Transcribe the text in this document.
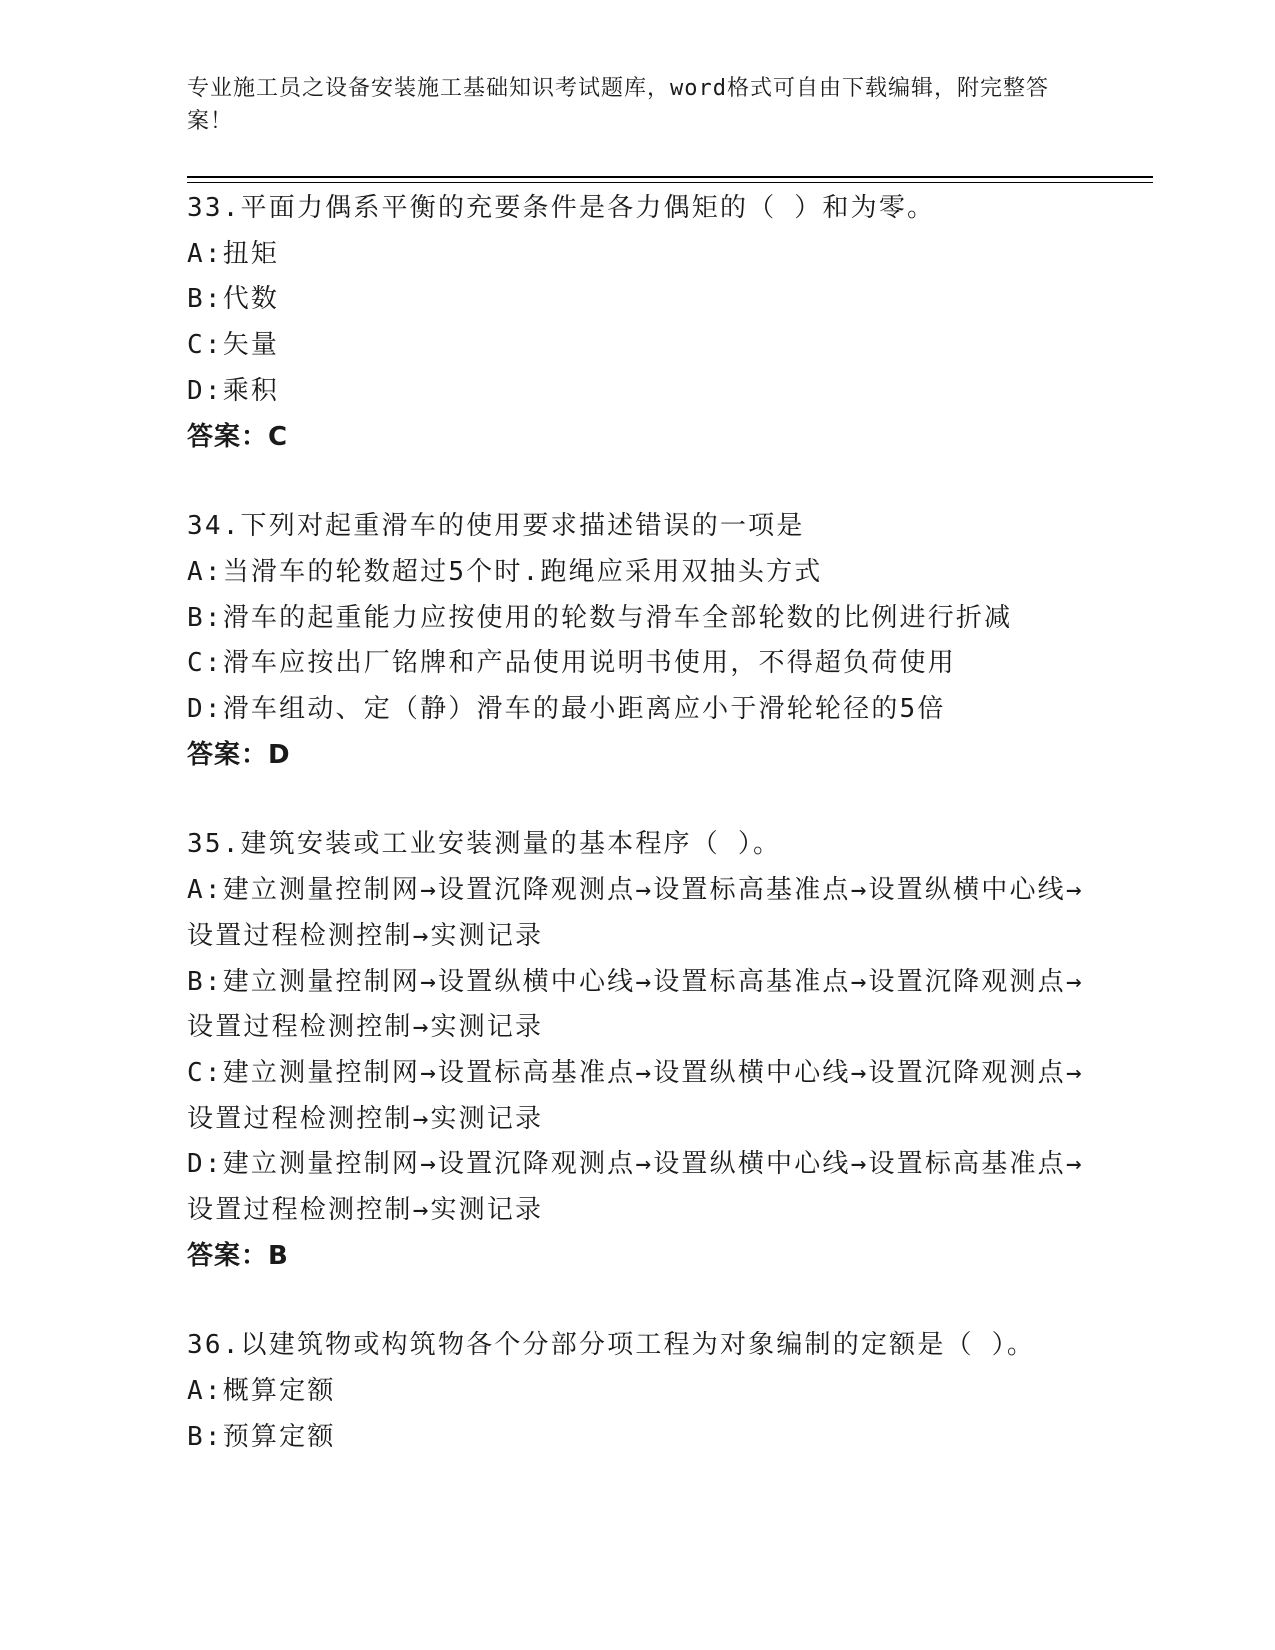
专业施工员之设备安装施工基础知识考试题库，word格式可自由下载编辑，附完整答案！
33.平面力偶系平衡的充要条件是各力偶矩的（ ）和为零。
A: 扭矩
B: 代数
C: 矢量
D: 乘积
答案：C
34.下列对起重滑车的使用要求描述错误的一项是
A: 当滑车的轮数超过5个时.跑绳应采用双抽头方式
B: 滑车的起重能力应按使用的轮数与滑车全部轮数的比例进行折减
C: 滑车应按出厂铭牌和产品使用说明书使用，不得超负荷使用
D: 滑车组动、定（静）滑车的最小距离应小于滑轮轮径的5倍
答案：D
35.建筑安装或工业安装测量的基本程序（ ）。
A:建立测量控制网→设置沉降观测点→设置标高基准点→设置纵横中心线→设置过程检测控制→实测记录
B:建立测量控制网→设置纵横中心线→设置标高基准点→设置沉降观测点→设置过程检测控制→实测记录
C:建立测量控制网→设置标高基准点→设置纵横中心线→设置沉降观测点→设置过程检测控制→实测记录
D:建立测量控制网→设置沉降观测点→设置纵横中心线→设置标高基准点→设置过程检测控制→实测记录
答案：B
36.以建筑物或构筑物各个分部分项工程为对象编制的定额是（ ）。
A: 概算定额
B: 预算定额
